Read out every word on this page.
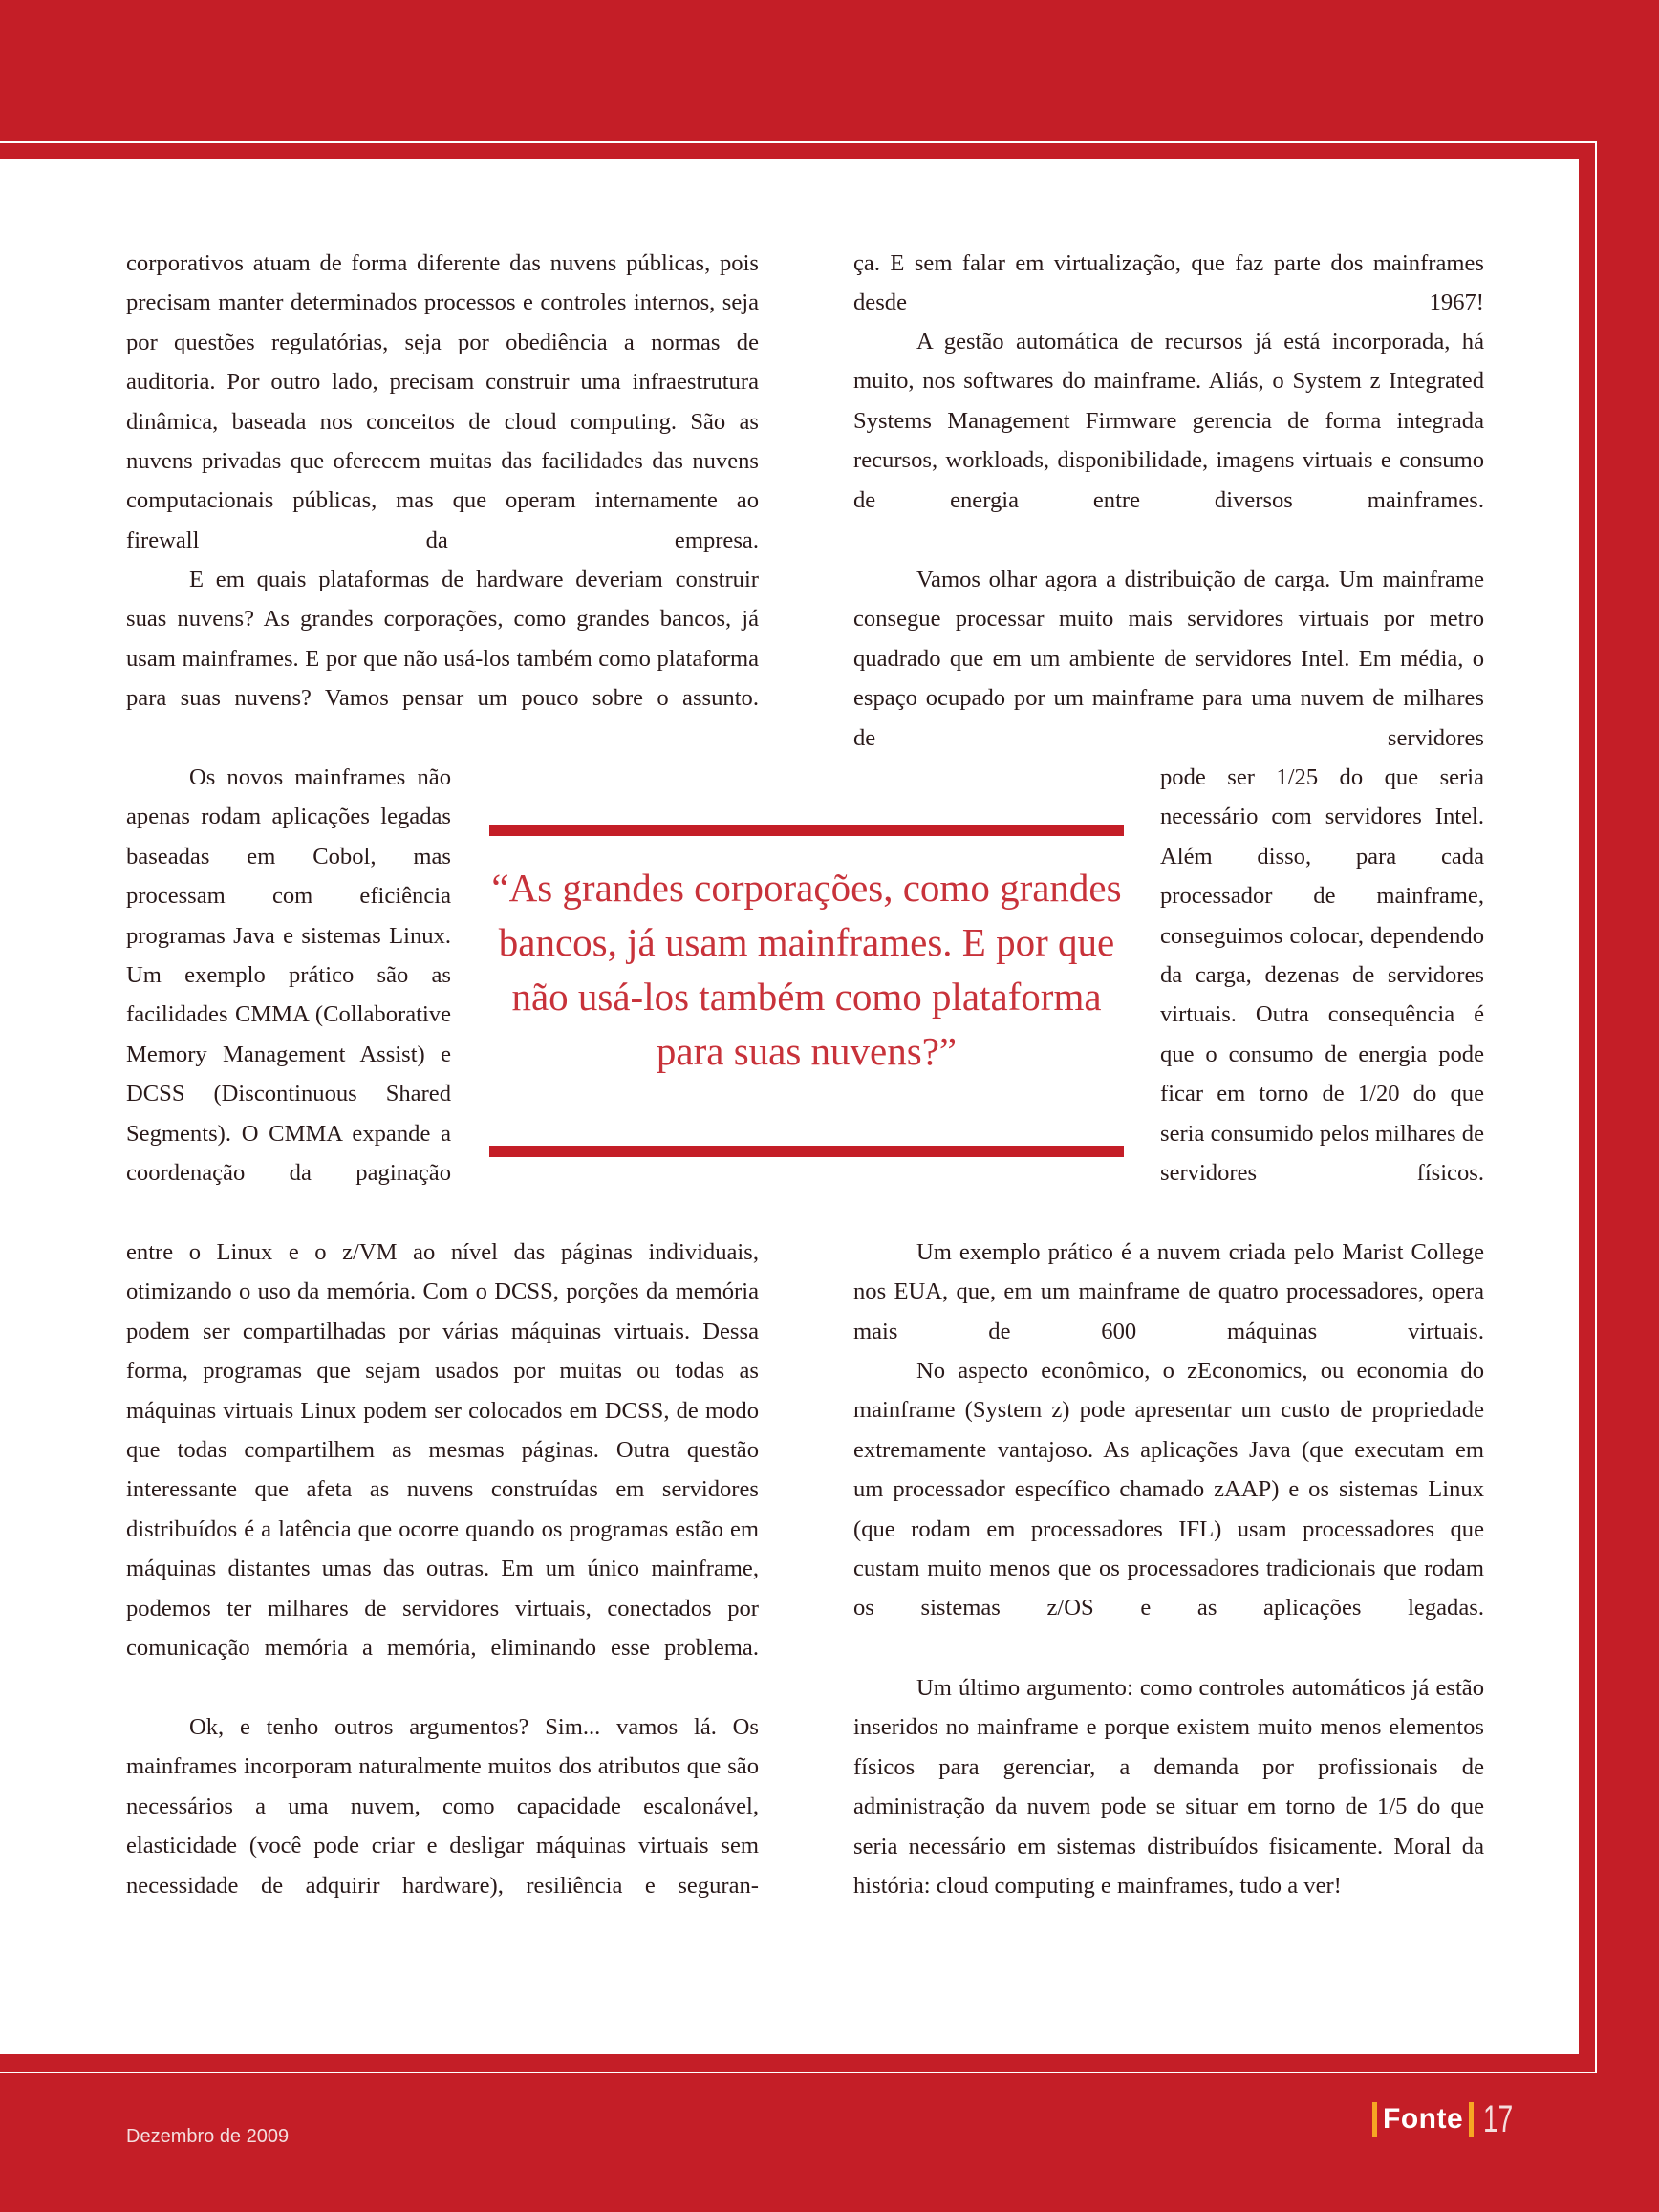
corporativos atuam de forma diferente das nuvens públicas, pois precisam manter determinados processos e controles internos, seja por questões regulatórias, seja por obediência a normas de auditoria. Por outro lado, precisam construir uma infraestrutura dinâmica, baseada nos conceitos de cloud computing. São as nuvens privadas que oferecem muitas das facilidades das nuvens computacionais públicas, mas que operam internamente ao firewall da empresa.

E em quais plataformas de hardware deveriam construir suas nuvens? As grandes corporações, como grandes bancos, já usam mainframes. E por que não usá-los também como plataforma para suas nuvens? Vamos pensar um pouco sobre o assunto.

Os novos mainframes não apenas rodam aplicações legadas baseadas em Cobol, mas processam com eficiência programas Java e sistemas Linux. Um exemplo prático são as facilidades CMMA (Collaborative Memory Management Assist) e DCSS (Discontinuous Shared Segments). O CMMA expande a coordenação da paginação

entre o Linux e o z/VM ao nível das páginas individuais, otimizando o uso da memória. Com o DCSS, porções da memória podem ser compartilhadas por várias máquinas virtuais. Dessa forma, programas que sejam usados por muitas ou todas as máquinas virtuais Linux podem ser colocados em DCSS, de modo que todas compartilhem as mesmas páginas. Outra questão interessante que afeta as nuvens construídas em servidores distribuídos é a latência que ocorre quando os programas estão em máquinas distantes umas das outras. Em um único mainframe, podemos ter milhares de servidores virtuais, conectados por comunicação memória a memória, eliminando esse problema.

Ok, e tenho outros argumentos? Sim... vamos lá. Os mainframes incorporam naturalmente muitos dos atributos que são necessários a uma nuvem, como capacidade escalonável, elasticidade (você pode criar e desligar máquinas virtuais sem necessidade de adquirir hardware), resiliência e seguran-

ça. E sem falar em virtualização, que faz parte dos mainframes desde 1967!

A gestão automática de recursos já está incorporada, há muito, nos softwares do mainframe. Aliás, o System z Integrated Systems Management Firmware gerencia de forma integrada recursos, workloads, disponibilidade, imagens virtuais e consumo de energia entre diversos mainframes.

Vamos olhar agora a distribuição de carga. Um mainframe consegue processar muito mais servidores virtuais por metro quadrado que em um ambiente de servidores Intel. Em média, o espaço ocupado por um mainframe para uma nuvem de milhares de servidores

pode ser 1/25 do que seria necessário com servidores Intel. Além disso, para cada processador de mainframe, conseguimos colocar, dependendo da carga, dezenas de servidores virtuais. Outra consequência é que o consumo de energia pode ficar em torno de 1/20 do que seria consumido pelos milhares de servidores físicos.

Um exemplo prático é a nuvem criada pelo Marist College nos EUA, que, em um mainframe de quatro processadores, opera mais de 600 máquinas virtuais.

No aspecto econômico, o zEconomics, ou economia do mainframe (System z) pode apresentar um custo de propriedade extremamente vantajoso. As aplicações Java (que executam em um processador específico chamado zAAP) e os sistemas Linux (que rodam em processadores IFL) usam processadores que custam muito menos que os processadores tradicionais que rodam os sistemas z/OS e as aplicações legadas.

Um último argumento: como controles automáticos já estão inseridos no mainframe e porque existem muito menos elementos físicos para gerenciar, a demanda por profissionais de administração da nuvem pode se situar em torno de 1/5 do que seria necessário em sistemas distribuídos fisicamente. Moral da história: cloud computing e mainframes, tudo a ver!

“As grandes corporações, como grandes bancos, já usam mainframes. E por que não usá-los também como plataforma para suas nuvens?”

Dezembro de 2009
Fonte 17
